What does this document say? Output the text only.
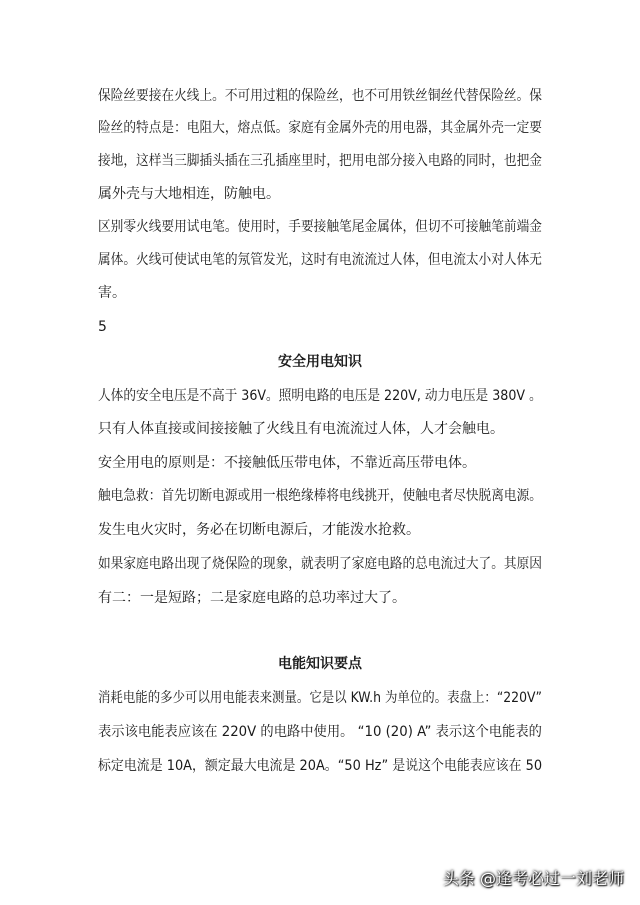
保险丝要接在火线上。不可用过粗的保险丝，也不可用铁丝铜丝代替保险丝。保
险丝的特点是：电阻大，熔点低。家庭有金属外壳的用电器，其金属外壳一定要
接地，这样当三脚插头插在三孔插座里时，把用电部分接入电路的同时，也把金
属外壳与大地相连，防触电。
区别零火线要用试电笔。使用时，手要接触笔尾金属体，但切不可接触笔前端金
属体。火线可使试电笔的氖管发光，这时有电流流过人体，但电流太小对人体无
害。
5
安全用电知识
人体的安全电压是不高于 36V。照明电路的电压是 220V, 动力电压是 380V 。
只有人体直接或间接接触了火线且有电流流过人体，人才会触电。
安全用电的原则是：不接触低压带电体，不靠近高压带电体。
触电急救：首先切断电源或用一根绝缘棒将电线挑开，使触电者尽快脱离电源。
发生电火灾时，务必在切断电源后，才能泼水抢救。
如果家庭电路出现了烧保险的现象，就表明了家庭电路的总电流过大了。其原因
有二：一是短路；二是家庭电路的总功率过大了。
电能知识要点
消耗电能的多少可以用电能表来测量。它是以 KW.h 为单位的。表盘上：“220V”
表示该电能表应该在 220V 的电路中使用。 “10 (20) A” 表示这个电能表的
标定电流是 10A，额定最大电流是 20A。“50 Hz” 是说这个电能表应该在 50
头条 @逢考必过一刘老师
